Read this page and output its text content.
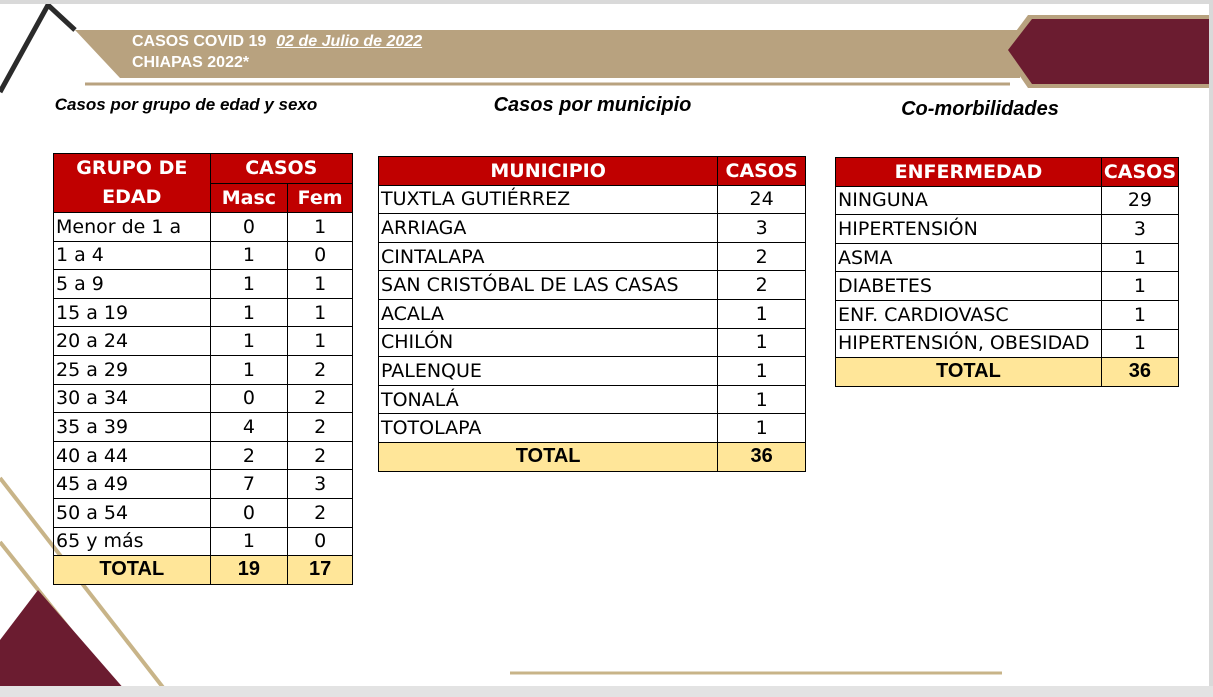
CASOS COVID 19 02 de Julio de 2022
CHIAPAS 2022*
Casos por grupo de edad y sexo	Casos por municipio	Co-morbilidades
GRUPO DE EDAD	CASOS	
	Masc	Fem
Menor de 1 a	0	1
1 a 4	1	0
5 a 9	1	1
15 a 19	1	1
20 a 24	1	1
25 a 29	1	2
30 a 34	0	2
35 a 39	4	2
40 a 44	2	2
45 a 49	7	3
50 a 54	0	2
65 y más	1	0
TOTAL	19	17
MUNICIPIO	CASOS
TUXTLA GUTIÉRREZ	24
ARRIAGA	3
CINTALAPA	2
SAN CRISTÓBAL DE LAS CASAS	2
ACALA	1
CHILÓN	1
PALENQUE	1
TONALÁ	1
TOTOLAPA	1
TOTAL	36
ENFERMEDAD	CASOS
NINGUNA	29
HIPERTENSIÓN	3
ASMA	1
DIABETES	1
ENF. CARDIOVASC	1
HIPERTENSIÓN, OBESIDAD	1
TOTAL	36
